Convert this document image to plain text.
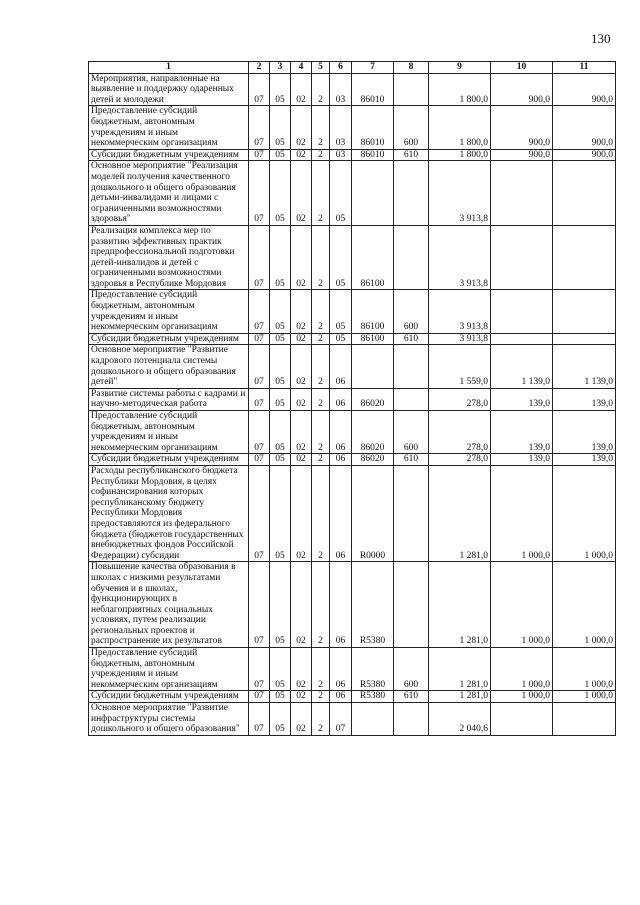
130
1	2	3	4	5	6	7	8	9	10	11
Мероприятия, направленные на выявление и поддержку одаренных детей и молодежи	07	05	02	2	03	86010		1 800,0	900,0	900,0
Предоставление субсидий бюджетным, автономным учреждениям и иным некоммерческим организациям	07	05	02	2	03	86010	600	1 800,0	900,0	900,0
Субсидии бюджетным учреждениям	07	05	02	2	03	86010	610	1 800,0	900,0	900,0
Основное мероприятие "Реализация моделей получения качественного дошкольного и общего образования детьми-инвалидами и лицами с ограниченными возможностями здоровья"	07	05	02	2	05			3 913,8		
Реализация комплекса мер по развитию эффективных практик предпрофессиональной подготовки детей-инвалидов и детей с ограниченными возможностями здоровья в Республике Мордовия	07	05	02	2	05	86100		3 913,8		
Предоставление субсидий бюджетным, автономным учреждениям и иным некоммерческим организациям	07	05	02	2	05	86100	600	3 913,8		
Субсидии бюджетным учреждениям	07	05	02	2	05	86100	610	3 913,8		
Основное мероприятие "Развитие кадрового потенциала системы дошкольного и общего образования детей"	07	05	02	2	06			1 559,0	1 139,0	1 139,0
Развитие системы работы с кадрами и научно-методическая работа	07	05	02	2	06	86020		278,0	139,0	139,0
Предоставление субсидий бюджетным, автономным учреждениям и иным некоммерческим организациям	07	05	02	2	06	86020	600	278,0	139,0	139,0
Субсидии бюджетным учреждениям	07	05	02	2	06	86020	610	278,0	139,0	139,0
Расходы республиканского бюджета Республики Мордовия, в целях софинансирования которых республиканскому бюджету Республики Мордовия предоставляются из федерального бюджета (бюджетов государственных внебюджетных фондов Российской Федерации) субсидии	07	05	02	2	06	R0000		1 281,0	1 000,0	1 000,0
Повышение качества образования в школах с низкими результатами обучения и в школах, функционирующих в неблагоприятных социальных условиях, путем реализации региональных проектов и распространение их результатов	07	05	02	2	06	R5380		1 281,0	1 000,0	1 000,0
Предоставление субсидий бюджетным, автономным учреждениям и иным некоммерческим организациям	07	05	02	2	06	R5380	600	1 281,0	1 000,0	1 000,0
Субсидии бюджетным учреждениям	07	05	02	2	06	R5380	610	1 281,0	1 000,0	1 000,0
Основное мероприятие "Развитие инфраструктуры системы дошкольного и общего образования"	07	05	02	2	07			2 040,6		
